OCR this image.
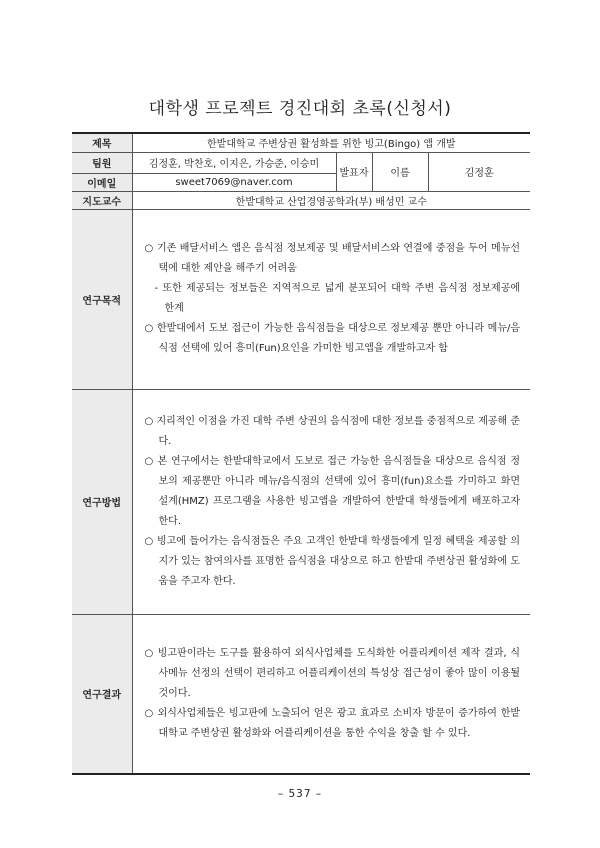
대학생 프로젝트 경진대회 초록(신청서)
제목	한밭대학교 주변상권 활성화를 위한 빙고(Bingo) 앱 개발			
팀원	김정훈, 박찬호, 이지은, 가승준, 이승미	발표자	이름	김정훈
이메일	sweet7069@naver.com			
지도교수	한밭대학교 산업경영공학과(부) 배성민 교수			
연구목적	○ 기존 배달서비스 앱은 음식점 정보제공 및 배달서비스와 연결에 중점을 두어 메뉴선택에 대한 제안을 해주기 어려움

- 또한 제공되는 정보들은 지역적으로 넓게 분포되어 대학 주변 음식점 정보제공에 한계

○ 한밭대에서 도보 접근이 가능한 음식점들을 대상으로 정보제공 뿐만 아니라 메뉴/음식점 선택에 있어 흥미(Fun)요인을 가미한 빙고앱을 개발하고자 함			

연구방법	○ 지리적인 이점을 가진 대학 주변 상권의 음식점에 대한 정보를 중점적으로 제공해 준다.

○ 본 연구에서는 한밭대학교에서 도보로 접근 가능한 음식점들을 대상으로 음식점 정보의 제공뿐만 아니라 메뉴/음식점의 선택에 있어 흥미(fun)요소를 가미하고 화면설계(HMZ) 프로그램을 사용한 빙고앱을 개발하여 한밭대 학생들에게 배포하고자 한다.

○ 빙고에 들어가는 음식점들은 주요 고객인 한밭대 학생들에게 일정 혜택을 제공할 의지가 있는 참여의사를 표명한 음식점을 대상으로 하고 한밭대 주변상권 활성화에 도움을 주고자 한다.			

연구결과	○ 빙고판이라는 도구를 활용하여 외식사업체를 도식화한 어플리케이션 제작 결과, 식사메뉴 선정의 선택이 편리하고 어플리케이션의 특성상 접근성이 좋아 많이 이용될 것이다.

○ 외식사업체들은 빙고판에 노출되어 얻은 광고 효과로 소비자 방문이 증가하여 한밭대학교 주변상권 활성화와 어플리케이션을 통한 수익을 창출 할 수 있다.			

– 537 –
